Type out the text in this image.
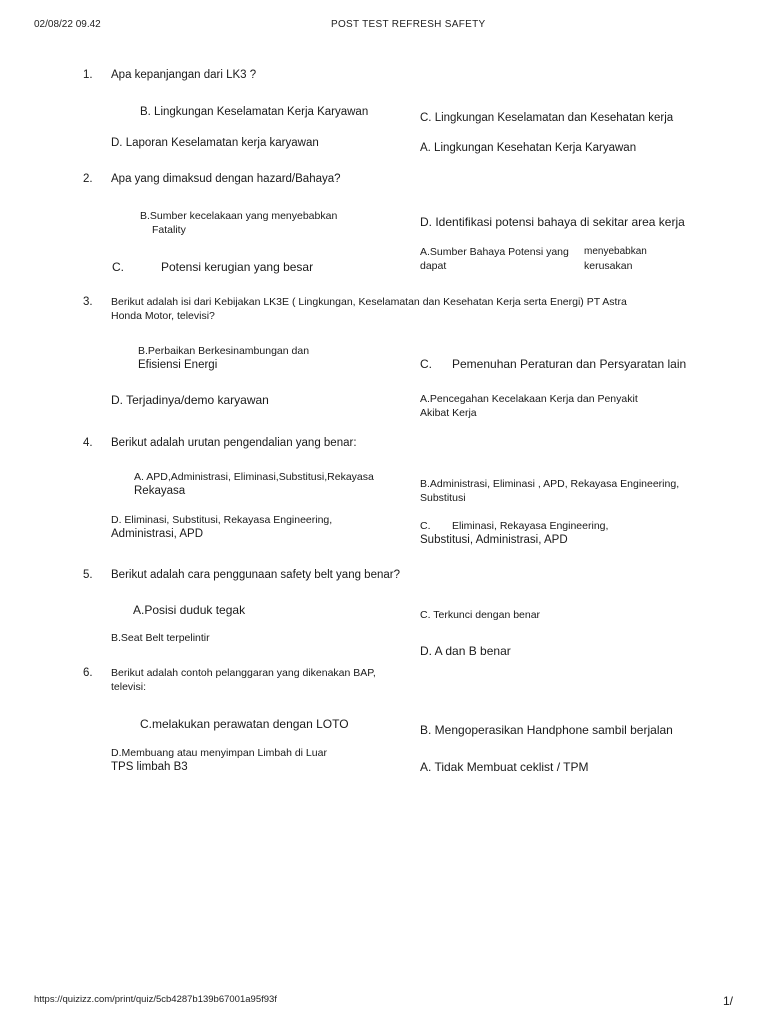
02/08/22 09.42	POST TEST REFRESH SAFETY
1. Apa kepanjangan dari LK3 ?
B. Lingkungan Keselamatan Kerja Karyawan	C. Lingkungan Keselamatan dan Kesehatan kerja
D. Laporan Keselamatan kerja karyawan	A. Lingkungan Kesehatan Kerja Karyawan
2. Apa yang dimaksud dengan hazard/Bahaya?
B.Sumber kecelakaan yang menyebabkan
Fatality
D. Identifikasi potensi bahaya di sekitar area kerja
A.Sumber Bahaya Potensi yang
dapat
menyebabkan
kerusakan
C.	Potensi kerugian yang besar
3. Berikut adalah isi dari Kebijakan LK3E ( Lingkungan, Keselamatan dan Kesehatan Kerja serta Energi) PT Astra
Honda Motor, televisi?
B.Perbaikan Berkesinambungan dan
Efisiensi Energi	C. Pemenuhan Peraturan dan Persyaratan lain
D. Terjadinya/demo karyawan	A.Pencegahan Kecelakaan Kerja dan Penyakit
Akibat Kerja
4. Berikut adalah urutan pengendalian yang benar:
A. APD,Administrasi, Eliminasi,Substitusi,Rekayasa
Rekayasa
B.Administrasi, Eliminasi , APD, Rekayasa Engineering,
Substitusi
D. Eliminasi, Substitusi, Rekayasa Engineering,
Administrasi, APD
C. Eliminasi, Rekayasa Engineering,
Substitusi, Administrasi, APD
5. Berikut adalah cara penggunaan safety belt yang benar?
A.Posisi duduk tegak	C. Terkunci dengan benar
B.Seat Belt terpelintir
D. A dan B benar
6. Berikut adalah contoh pelanggaran yang dikenakan BAP,
televisi:
C.melakukan perawatan dengan LOTO	B. Mengoperasikan Handphone sambil berjalan
D.Membuang atau menyimpan Limbah di Luar
TPS limbah B3	A. Tidak Membuat ceklist / TPM
https://quizizz.com/print/quiz/5cb4287b139b67001a95f93f	1/
